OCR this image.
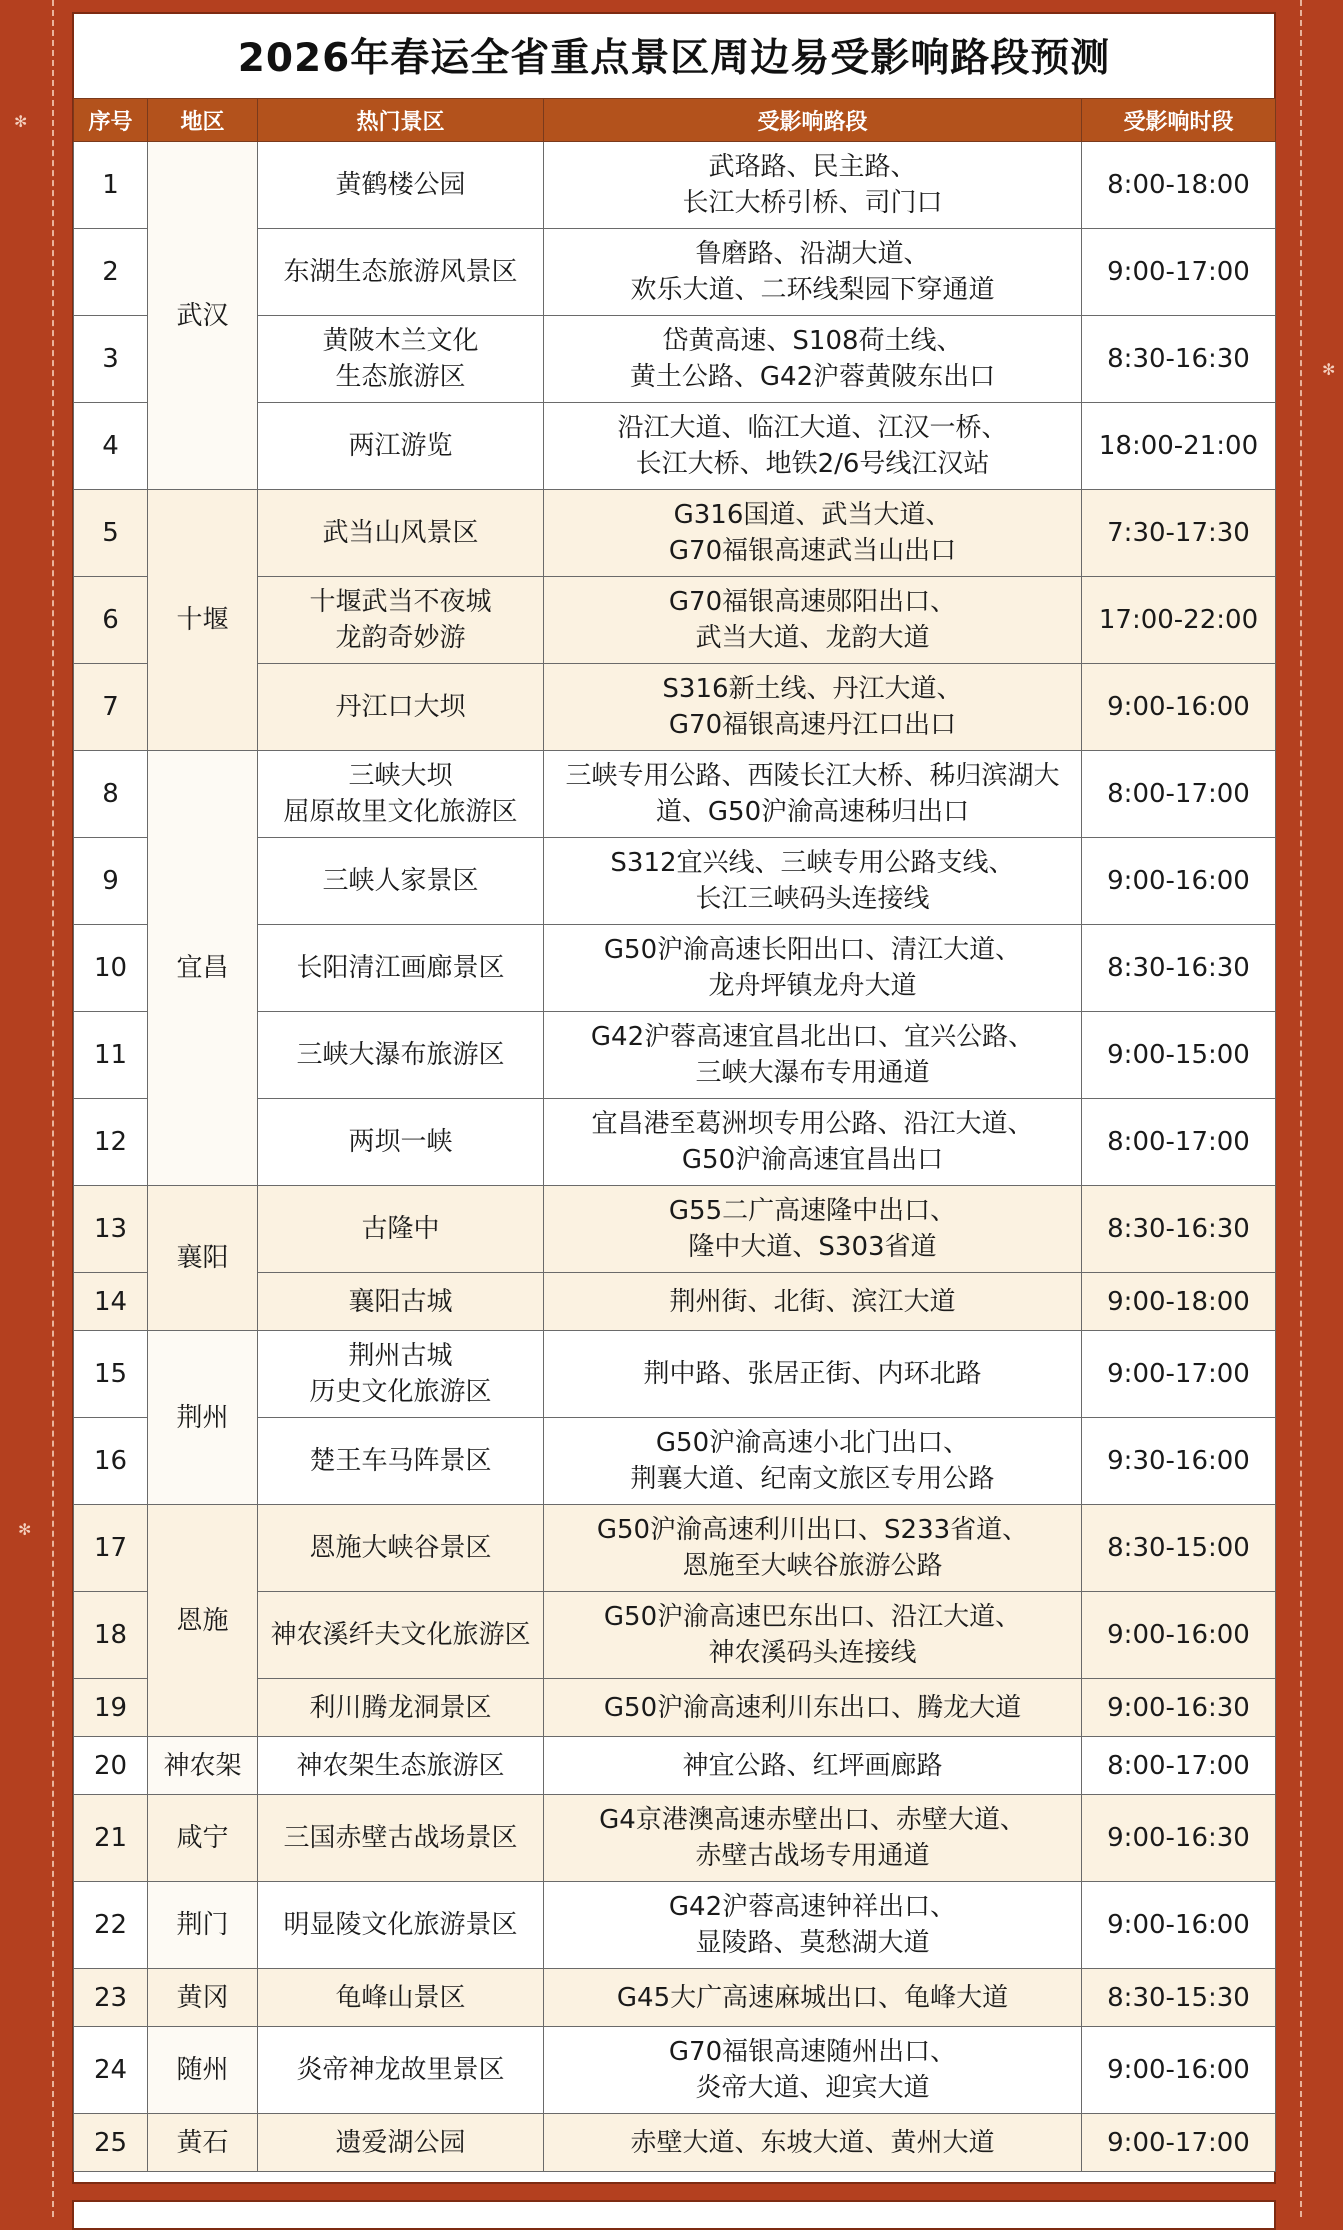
✻
✻
✻
2026年春运全省重点景区周边易受影响路段预测
序号	地区	热门景区	受影响路段	受影响时段
1	武汉	黄鹤楼公园	武珞路、民主路、
长江大桥引桥、司门口	8:00-18:00
2		东湖生态旅游风景区	鲁磨路、沿湖大道、
欢乐大道、二环线梨园下穿通道	9:00-17:00
3		黄陂木兰文化
生态旅游区	岱黄高速、S108荷土线、
黄土公路、G42沪蓉黄陂东出口	8:30-16:30
4		两江游览	沿江大道、临江大道、江汉一桥、
长江大桥、地铁2/6号线江汉站	18:00-21:00
5	十堰	武当山风景区	G316国道、武当大道、
G70福银高速武当山出口	7:30-17:30
6		十堰武当不夜城
龙韵奇妙游	G70福银高速郧阳出口、
武当大道、龙韵大道	17:00-22:00
7		丹江口大坝	S316新土线、丹江大道、
G70福银高速丹江口出口	9:00-16:00
8	宜昌	三峡大坝
屈原故里文化旅游区	三峡专用公路、西陵长江大桥、秭归滨湖大
道、G50沪渝高速秭归出口	8:00-17:00
9		三峡人家景区	S312宜兴线、三峡专用公路支线、
长江三峡码头连接线	9:00-16:00
10		长阳清江画廊景区	G50沪渝高速长阳出口、清江大道、
龙舟坪镇龙舟大道	8:30-16:30
11		三峡大瀑布旅游区	G42沪蓉高速宜昌北出口、宜兴公路、
三峡大瀑布专用通道	9:00-15:00
12		两坝一峡	宜昌港至葛洲坝专用公路、沿江大道、
G50沪渝高速宜昌出口	8:00-17:00
13	襄阳	古隆中	G55二广高速隆中出口、
隆中大道、S303省道	8:30-16:30
14		襄阳古城	荆州街、北街、滨江大道	9:00-18:00
15	荆州	荆州古城
历史文化旅游区	荆中路、张居正街、内环北路	9:00-17:00
16		楚王车马阵景区	G50沪渝高速小北门出口、
荆襄大道、纪南文旅区专用公路	9:30-16:00
17	恩施	恩施大峡谷景区	G50沪渝高速利川出口、S233省道、
恩施至大峡谷旅游公路	8:30-15:00
18		神农溪纤夫文化旅游区	G50沪渝高速巴东出口、沿江大道、
神农溪码头连接线	9:00-16:00
19		利川腾龙洞景区	G50沪渝高速利川东出口、腾龙大道	9:00-16:30
20	神农架	神农架生态旅游区	神宜公路、红坪画廊路	8:00-17:00
21	咸宁	三国赤壁古战场景区	G4京港澳高速赤壁出口、赤壁大道、
赤壁古战场专用通道	9:00-16:30
22	荆门	明显陵文化旅游景区	G42沪蓉高速钟祥出口、
显陵路、莫愁湖大道	9:00-16:00
23	黄冈	龟峰山景区	G45大广高速麻城出口、龟峰大道	8:30-15:30
24	随州	炎帝神龙故里景区	G70福银高速随州出口、
炎帝大道、迎宾大道	9:00-16:00
25	黄石	遗爱湖公园	赤壁大道、东坡大道、黄州大道	9:00-17:00
